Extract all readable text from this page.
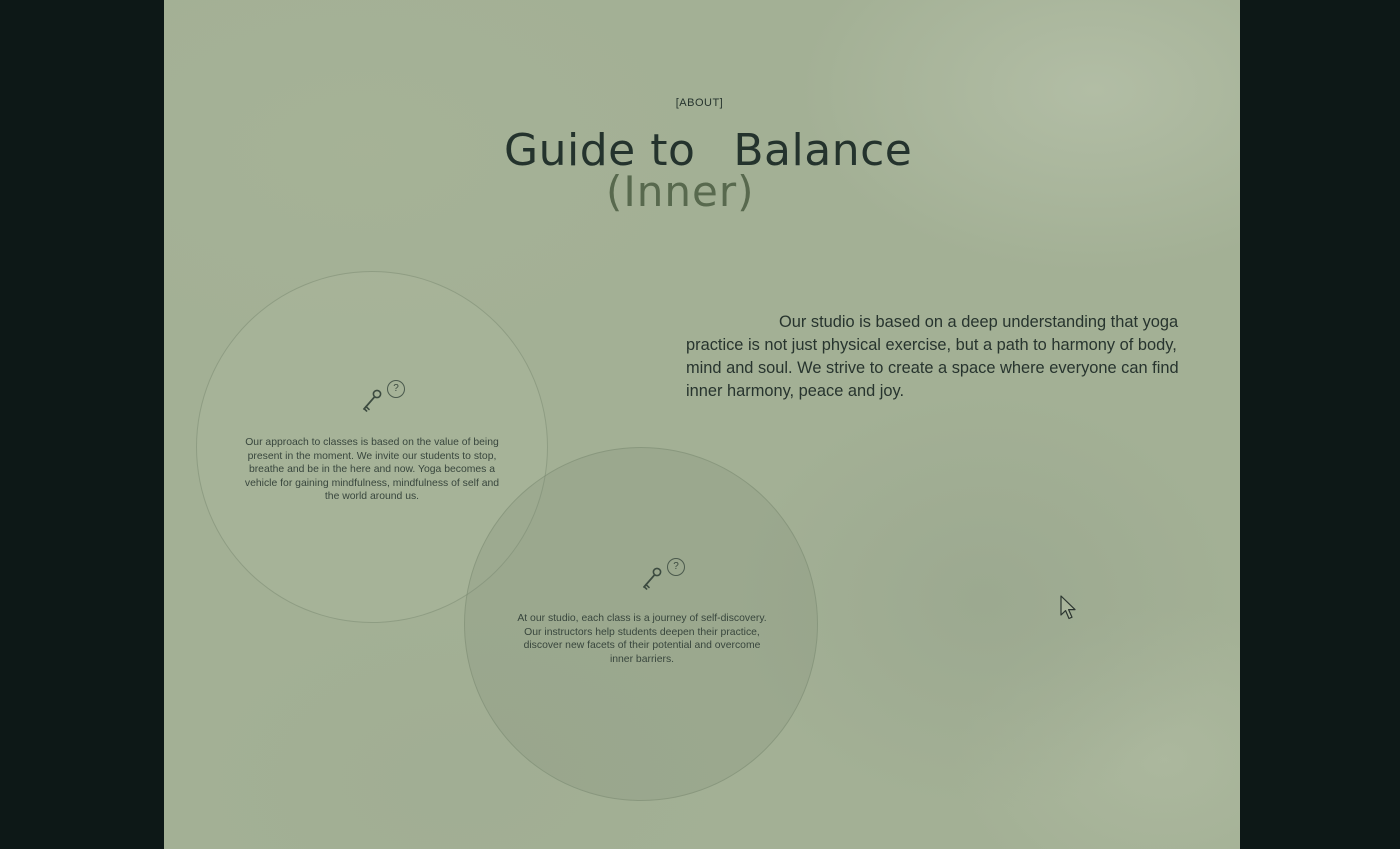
[ABOUT]
Guide to Balance
(Inner)

Our studio is based on a deep understanding that yoga practice is not just physical exercise, but a path to harmony of body, mind and soul. We strive to create a space where everyone can find inner harmony, peace and joy.

?
Our approach to classes is based on the value of being present in the moment. We invite our students to stop, breathe and be in the here and now. Yoga becomes a vehicle for gaining mindfulness, mindfulness of self and the world around us.
?
At our studio, each class is a journey of self-discovery. Our instructors help students deepen their practice, discover new facets of their potential and overcome inner barriers.
